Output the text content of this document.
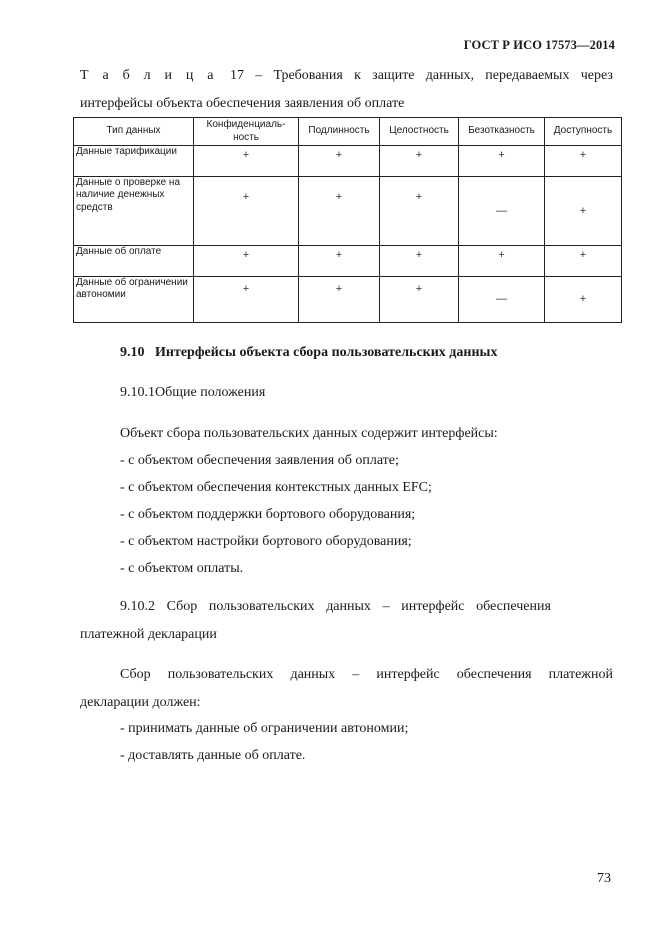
ГОСТ Р ИСО 17573—2014
Т а б л и ц а 17 – Требования к защите данных, передаваемых через
интерфейсы объекта обеспечения заявления об оплате
Тип данных	Конфиденциаль-ность	Подлинность	Целостность	Безотказность	Доступность
Данные тарификации	+	+	+	+	+
Данные о проверке на наличие денежных средств	+	+	+	—	+
Данные об оплате	+	+	+	+	+
Данные об ограничении автономии	+	+	+	—	+
9.10 Интерфейсы объекта сбора пользовательских данных
9.10.1Общие положения
Объект сбора пользовательских данных содержит интерфейсы:
- с объектом обеспечения заявления об оплате;
- с объектом обеспечения контекстных данных EFC;
- с объектом поддержки бортового оборудования;
- с объектом настройки бортового оборудования;
- с объектом оплаты.
9.10.2 Сбор пользовательских данных – интерфейс обеспечения
платежной декларации
Сбор пользовательских данных – интерфейс обеспечения платежной
декларации должен:
- принимать данные об ограничении автономии;
- доставлять данные об оплате.
73
